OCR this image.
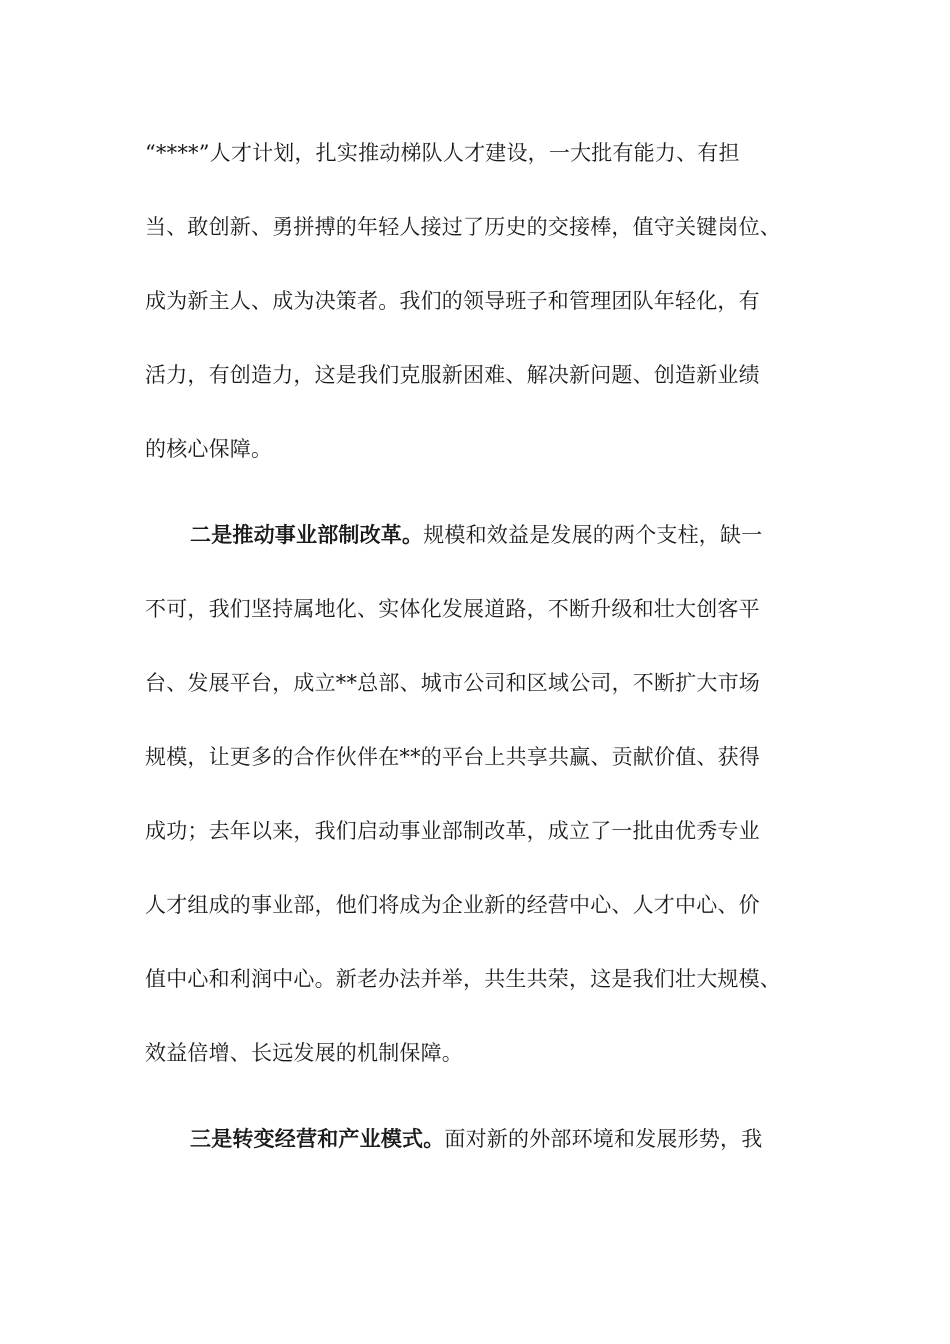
“****”人才计划，扎实推动梯队人才建设，一大批有能力、有担
当、敢创新、勇拼搏的年轻人接过了历史的交接棒，值守关键岗位、
成为新主人、成为决策者。我们的领导班子和管理团队年轻化，有
活力，有创造力，这是我们克服新困难、解决新问题、创造新业绩
的核心保障。
二是推动事业部制改革。规模和效益是发展的两个支柱，缺一
不可，我们坚持属地化、实体化发展道路，不断升级和壮大创客平
台、发展平台，成立**总部、城市公司和区域公司，不断扩大市场
规模，让更多的合作伙伴在**的平台上共享共赢、贡献价值、获得
成功；去年以来，我们启动事业部制改革，成立了一批由优秀专业
人才组成的事业部，他们将成为企业新的经营中心、人才中心、价
值中心和利润中心。新老办法并举，共生共荣，这是我们壮大规模、
效益倍增、长远发展的机制保障。
三是转变经营和产业模式。面对新的外部环境和发展形势，我
